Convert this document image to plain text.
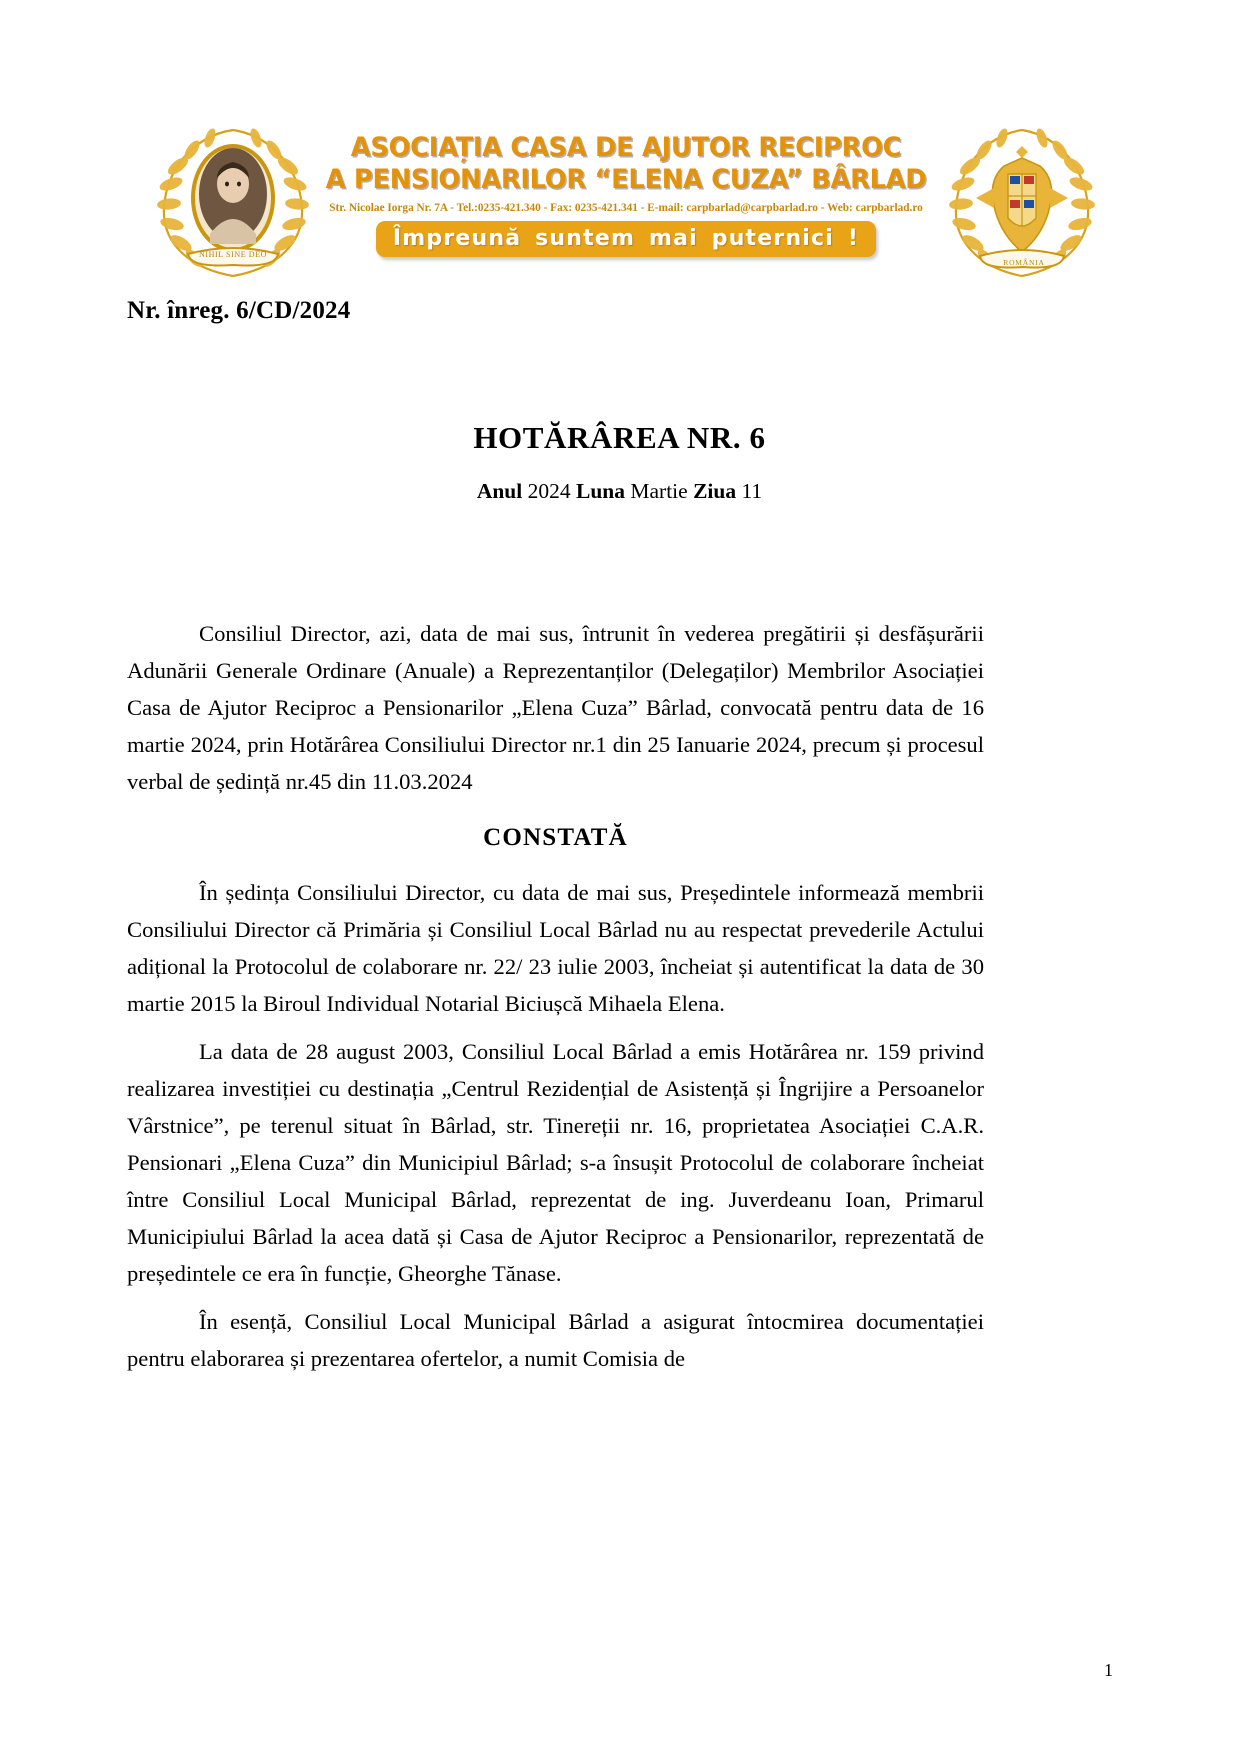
NIHIL SINE DEO
ASOCIAȚIA CASA DE AJUTOR RECIPROC
A PENSIONARILOR “ELENA CUZA” BÂRLAD
Str. Nicolae Iorga Nr. 7A - Tel.:0235-421.340 - Fax: 0235-421.341 - E-mail: carpbarlad@carpbarlad.ro - Web: carpbarlad.ro
Împreună suntem mai puternici !
ROMÂNIA
Nr. înreg. 6/CD/2024
HOTĂRÂREA NR. 6
Anul 2024 Luna Martie Ziua 11

Consiliul Director, azi, data de mai sus, întrunit în vederea pregătirii și desfășurării Adunării Generale Ordinare (Anuale) a Reprezentanților (Delegaților) Membrilor Asociației Casa de Ajutor Reciproc a Pensionarilor „Elena Cuza” Bârlad, convocată pentru data de 16 martie 2024, prin Hotărârea Consiliului Director nr.1 din 25 Ianuarie 2024, precum și procesul verbal de ședință nr.45 din 11.03.2024

CONSTATĂ

În ședința Consiliului Director, cu data de mai sus, Președintele informează membrii Consiliului Director că Primăria și Consiliul Local Bârlad nu au respectat prevederile Actului adițional la Protocolul de colaborare nr. 22/ 23 iulie 2003, încheiat și autentificat la data de 30 martie 2015 la Biroul Individual Notarial Biciușcă Mihaela Elena.

La data de 28 august 2003, Consiliul Local Bârlad a emis Hotărârea nr. 159 privind realizarea investiției cu destinația „Centrul Rezidențial de Asistență și Îngrijire a Persoanelor Vârstnice”, pe terenul situat în Bârlad, str. Tinereții nr. 16, proprietatea Asociației C.A.R. Pensionari „Elena Cuza” din Municipiul Bârlad; s-a însușit Protocolul de colaborare încheiat între Consiliul Local Municipal Bârlad, reprezentat de ing. Juverdeanu Ioan, Primarul Municipiului Bârlad la acea dată și Casa de Ajutor Reciproc a Pensionarilor, reprezentată de președintele ce era în funcție, Gheorghe Tănase.

În esență, Consiliul Local Municipal Bârlad a asigurat întocmirea documentației pentru elaborarea și prezentarea ofertelor, a numit Comisia de

1
